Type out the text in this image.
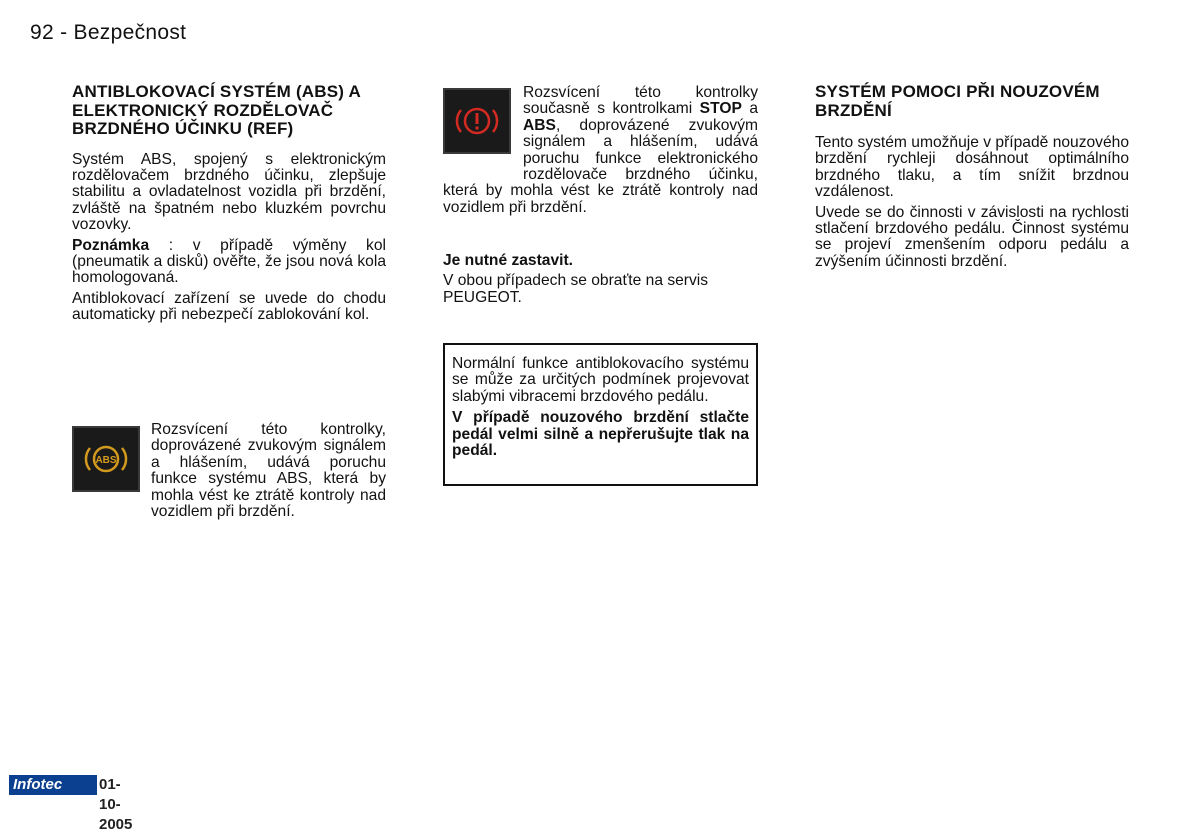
92 - Bezpečnost
ANTIBLOKOVACÍ SYSTÉM (ABS) A ELEKTRONICKÝ ROZDĚLOVAČ BRZDNÉHO ÚČINKU (REF)

Systém ABS, spojený s elektronickým rozdělovačem brzdného účinku, zlepšuje stabilitu a ovladatelnost vozidla při brzdění, zvláště na špatném nebo kluzkém povrchu vozovky.

Poznámka : v případě výměny kol (pneumatik a disků) ověřte, že jsou nová kola homologovaná.

Antiblokovací zařízení se uvede do chodu automaticky při nebezpečí zablokování kol.

ABS
Rozsvícení této kontrolky, doprovázené zvukovým signálem a hlášením, udává poruchu funkce systému ABS, která by mohla vést ke ztrátě kontroly nad vozidlem při brzdění.
Rozsvícení této kontrolky současně s kontrolkami STOP a ABS, doprovázené zvukovým signálem a hlášením, udává poruchu funkce elektronického rozdělovače brzdného účinku, která by mohla vést ke ztrátě kontroly nad vozidlem při brzdění.

Je nutné zastavit.

V obou případech se obraťte na servis PEUGEOT.

Normální funkce antiblokovacího systému se může za určitých podmínek projevovat slabými vibracemi brzdového pedálu.

V případě nouzového brzdění stlačte pedál velmi silně a nepřerušujte tlak na pedál.

SYSTÉM POMOCI PŘI NOUZOVÉM BRZDĚNÍ

Tento systém umožňuje v případě nouzového brzdění rychleji dosáhnout optimálního brzdného tlaku, a tím snížit brzdnou vzdálenost.

Uvede se do činnosti v závislosti na rychlosti stlačení brzdového pedálu. Činnost systému se projeví zmenšením odporu pedálu a zvýšením účinnosti brzdění.

Infotec	01-10-2005
